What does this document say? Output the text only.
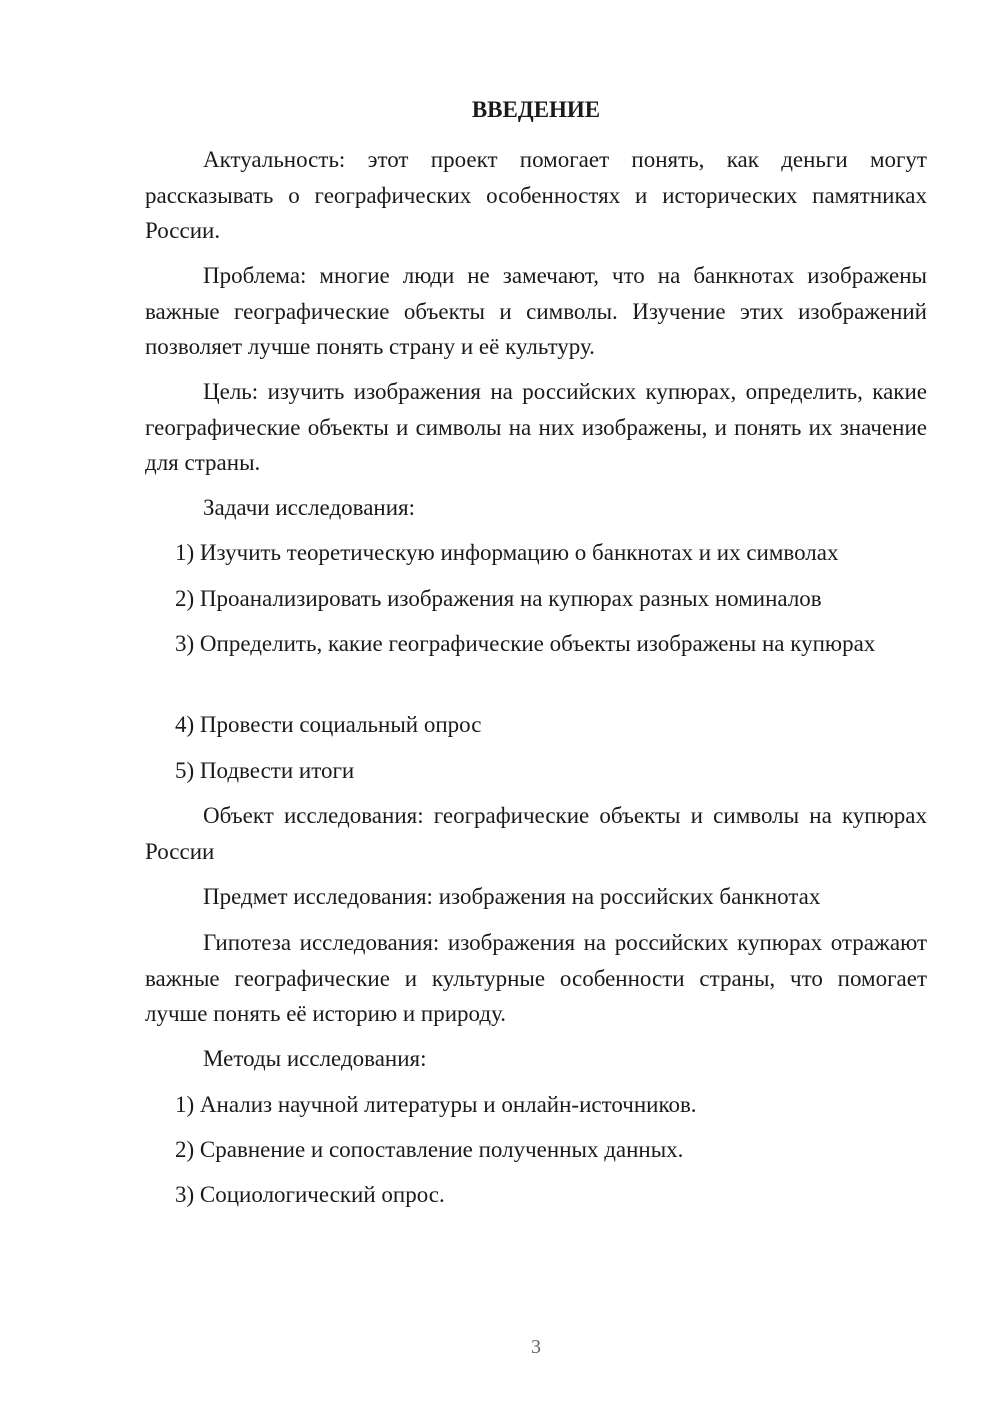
ВВЕДЕНИЕ

Актуальность: этот проект помогает понять, как деньги могут рассказывать о географических особенностях и исторических памятниках России.

Проблема: многие люди не замечают, что на банкнотах изображены важные географические объекты и символы. Изучение этих изображений позволяет лучше понять страну и её культуру.

Цель: изучить изображения на российских купюрах, определить, какие географические объекты и символы на них изображены, и понять их значение для страны.

Задачи исследования:

1) Изучить теоретическую информацию о банкнотах и их символах

2) Проанализировать изображения на купюрах разных номиналов

3) Определить, какие географические объекты изображены на купюрах

4) Провести социальный опрос

5) Подвести итоги

Объект исследования: географические объекты и символы на купюрах России

Предмет исследования: изображения на российских банкнотах

Гипотеза исследования: изображения на российских купюрах отражают важные географические и культурные особенности страны, что помогает лучше понять её историю и природу.

Методы исследования:

1) Анализ научной литературы и онлайн-источников.

2) Сравнение и сопоставление полученных данных.

3) Социологический опрос.

3
